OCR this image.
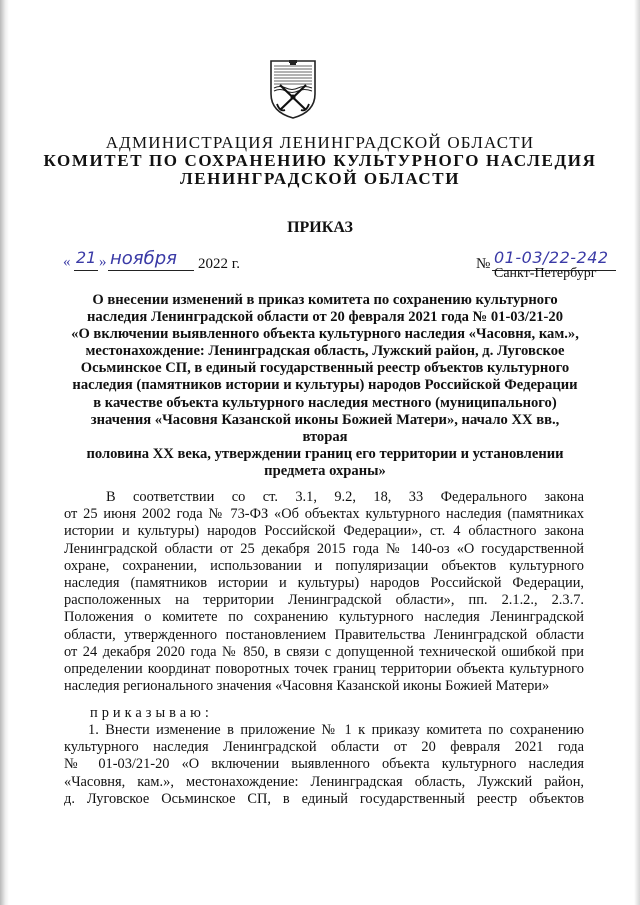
АДМИНИСТРАЦИЯ ЛЕНИНГРАДСКОЙ ОБЛАСТИ
КОМИТЕТ ПО СОХРАНЕНИЮ КУЛЬТУРНОГО НАСЛЕДИЯ
ЛЕНИНГРАДСКОЙ ОБЛАСТИ
ПРИКАЗ
« 21 » ноября 2022 г.	№ 01-03/22-242
Санкт-Петербург
О внесении изменений в приказ комитета по сохранению культурного
наследия Ленинградской области от 20 февраля 2021 года № 01-03/21-20
«О включении выявленного объекта культурного наследия «Часовня, кам.»,
местонахождение: Ленинградская область, Лужский район, д. Луговское
Осьминское СП, в единый государственный реестр объектов культурного
наследия (памятников истории и культуры) народов Российской Федерации
в качестве объекта культурного наследия местного (муниципального)
значения «Часовня Казанской иконы Божией Матери», начало XX вв., вторая
половина XX века, утверждении границ его территории и установлении
предмета охраны»
В соответствии со ст. 3.1, 9.2, 18, 33 Федерального закона
от 25 июня 2002 года № 73-ФЗ «Об объектах культурного наследия (памятниках
истории и культуры) народов Российской Федерации», ст. 4 областного закона
Ленинградской области от 25 декабря 2015 года № 140-оз «О государственной
охране, сохранении, использовании и популяризации объектов культурного
наследия (памятников истории и культуры) народов Российской Федерации,
расположенных на территории Ленинградской области», пп. 2.1.2., 2.3.7.
Положения о комитете по сохранению культурного наследия Ленинградской
области, утвержденного постановлением Правительства Ленинградской области
от 24 декабря 2020 года № 850, в связи с допущенной технической ошибкой при
определении координат поворотных точек границ территории объекта культурного
наследия регионального значения «Часовня Казанской иконы Божией Матери»
приказываю:
1. Внести изменение в приложение № 1 к приказу комитета по сохранению
культурного наследия Ленинградской области от 20 февраля 2021 года
№ 01-03/21-20 «О включении выявленного объекта культурного наследия
«Часовня, кам.», местонахождение: Ленинградская область, Лужский район,
д. Луговское Осьминское СП, в единый государственный реестр объектов
